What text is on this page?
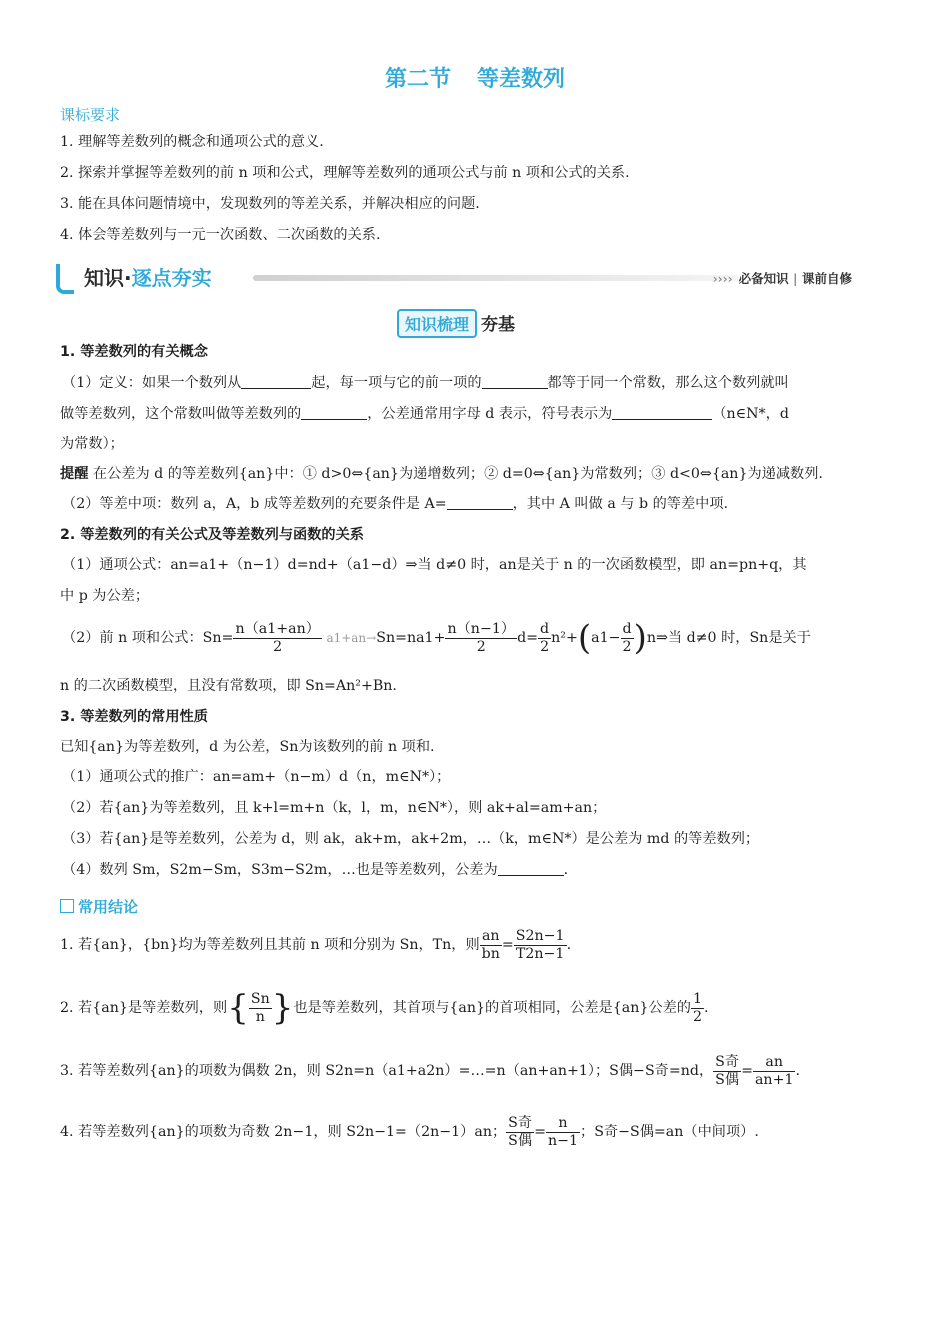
第二节 等差数列
课标要求
1. 理解等差数列的概念和通项公式的意义.
2. 探索并掌握等差数列的前 n 项和公式，理解等差数列的通项公式与前 n 项和公式的关系.
3. 能在具体问题情境中，发现数列的等差关系，并解决相应的问题.
4. 体会等差数列与一元一次函数、二次函数的关系.
知识·逐点夯实	›››› 必备知识 | 课前自修
知识梳理 夯基
1. 等差数列的有关概念
（1）定义：如果一个数列从	起，每一项与它的前一项的	都等于同一个常数，那么这个数列就叫
做等差数列，这个常数叫做等差数列的	，公差通常用字母 d 表示，符号表示为	（n∈N*，d
为常数）；
提醒 在公差为 d 的等差数列{an}中：① d>0⇔{an}为递增数列；② d=0⇔{an}为常数列；③ d<0⇔{an}为递减数列.
（2）等差中项：数列 a，A，b 成等差数列的充要条件是 A=	，其中 A 叫做 a 与 b 的等差中项.
2. 等差数列的有关公式及等差数列与函数的关系
（1）通项公式：an=a1+（n−1）d=nd+（a1−d）⇒当 d≠0 时，an是关于 n 的一次函数模型，即 an=pn+q，其
中 p 为公差；
（2）前 n 项和公式：$Sn= \frac{n(a1+an)}{2} a1+an\to Sn=na1+ \frac{n(n-1)}{2} d= \frac{d}{2} n^2+(a1- \frac{d}{2}$ )n⇒当 d≠0 时，Sn是关于
n 的二次函数模型，且没有常数项，即 Sn=An²+Bn.
3. 等差数列的常用性质
已知{an}为等差数列，d 为公差，Sn为该数列的前 n 项和.
（1）通项公式的推广：an=am+（n−m）d（n，m∈N*）；
（2）若{an}为等差数列，且 k+l=m+n（k，l，m，n∈N*），则 ak+al=am+an；
（3）若{an}是等差数列，公差为 d，则 ak，ak+m，ak+2m，…（k，m∈N*）是公差为 md 的等差数列；
（4）数列 Sm，S2m−Sm，S3m−S2m，…也是等差数列，公差为	.
常用结论
1. 若{an}，{bn}均为等差数列且其前 n 项和分别为 Sn，Tn，则 $\frac{an}{bn} = \frac{S2n-1}{T2n-1}$ .
2. 若{an}是等差数列，则{ $\frac{Sn}{n}$ }也是等差数列，其首项与{an}的首项相同，公差是{an}公差的 $\frac{1}{2}$ .
3. 若等差数列{an}的项数为偶数 2n，则 S2n=n（a1+a2n）=…=n（an+an+1）；S偶−S奇=nd， $\frac{\text{S奇}}{\text{S偶}} = \frac{an}{an+1}$ .
4. 若等差数列{an}的项数为奇数 2n−1，则 S2n−1=（2n−1）an； $\frac{\text{S奇}}{\text{S偶}} = \frac{n}{n-1}$ ；S奇−S偶=an（中间项）.
